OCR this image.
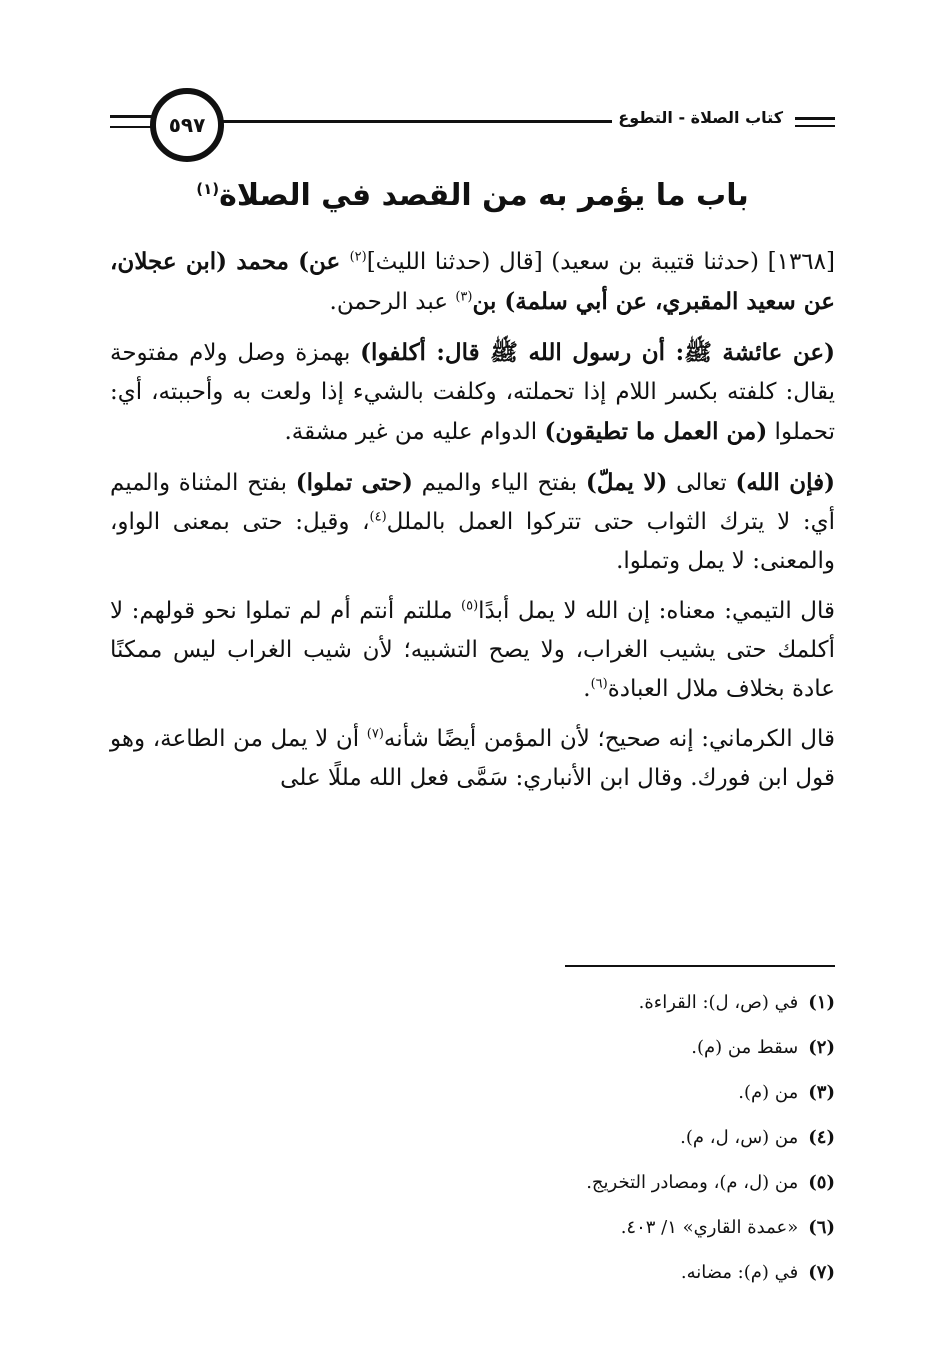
٥٩٧	كتاب الصلاة - التطوع
باب ما يؤمر به من القصد في الصلاة$^{(١)}$

[١٣٦٨] (حدثنا قتيبة بن سعيد) [قال (حدثنا الليث]$^{(٢)}$ عن) محمد (ابن عجلان، عن سعيد المقبري، عن أبي سلمة) بن$^{(٣)}$ عبد الرحمن.

(عن عائشة ﷺ: أن رسول الله ﷺ قال: أكلفوا) بهمزة وصل ولام مفتوحة يقال: كلفته بكسر اللام إذا تحملته، وكلفت بالشيء إذا ولعت به وأحببته، أي: تحملوا (من العمل ما تطيقون) الدوام عليه من غير مشقة.

(فإن الله) تعالى (لا يملّ) بفتح الياء والميم (حتى تملوا) بفتح المثناة والميم أي: لا يترك الثواب حتى تتركوا العمل بالملل$^{(٤)}$، وقيل: حتى بمعنى الواو، والمعنى: لا يمل وتملوا.

قال التيمي: معناه: إن الله لا يمل أبدًا$^{(٥)}$ مللتم أنتم أم لم تملوا نحو قولهم: لا أكلمك حتى يشيب الغراب، ولا يصح التشبيه؛ لأن شيب الغراب ليس ممكنًا عادة بخلاف ملال العبادة$^{(٦)}$.

قال الكرماني: إنه صحيح؛ لأن المؤمن أيضًا شأنه$^{(٧)}$ أن لا يمل من الطاعة، وهو قول ابن فورك. وقال ابن الأنباري: سَمَّى فعل الله مللًا على

(١)في (ص، ل): القراءة.
(٢)سقط من (م).
(٣)من (م).
(٤)من (س، ل، م).
(٥)من (ل، م)، ومصادر التخريج.
(٦)«عمدة القاري» ١/ ٤٠٣.
(٧)في (م): مضانه.
